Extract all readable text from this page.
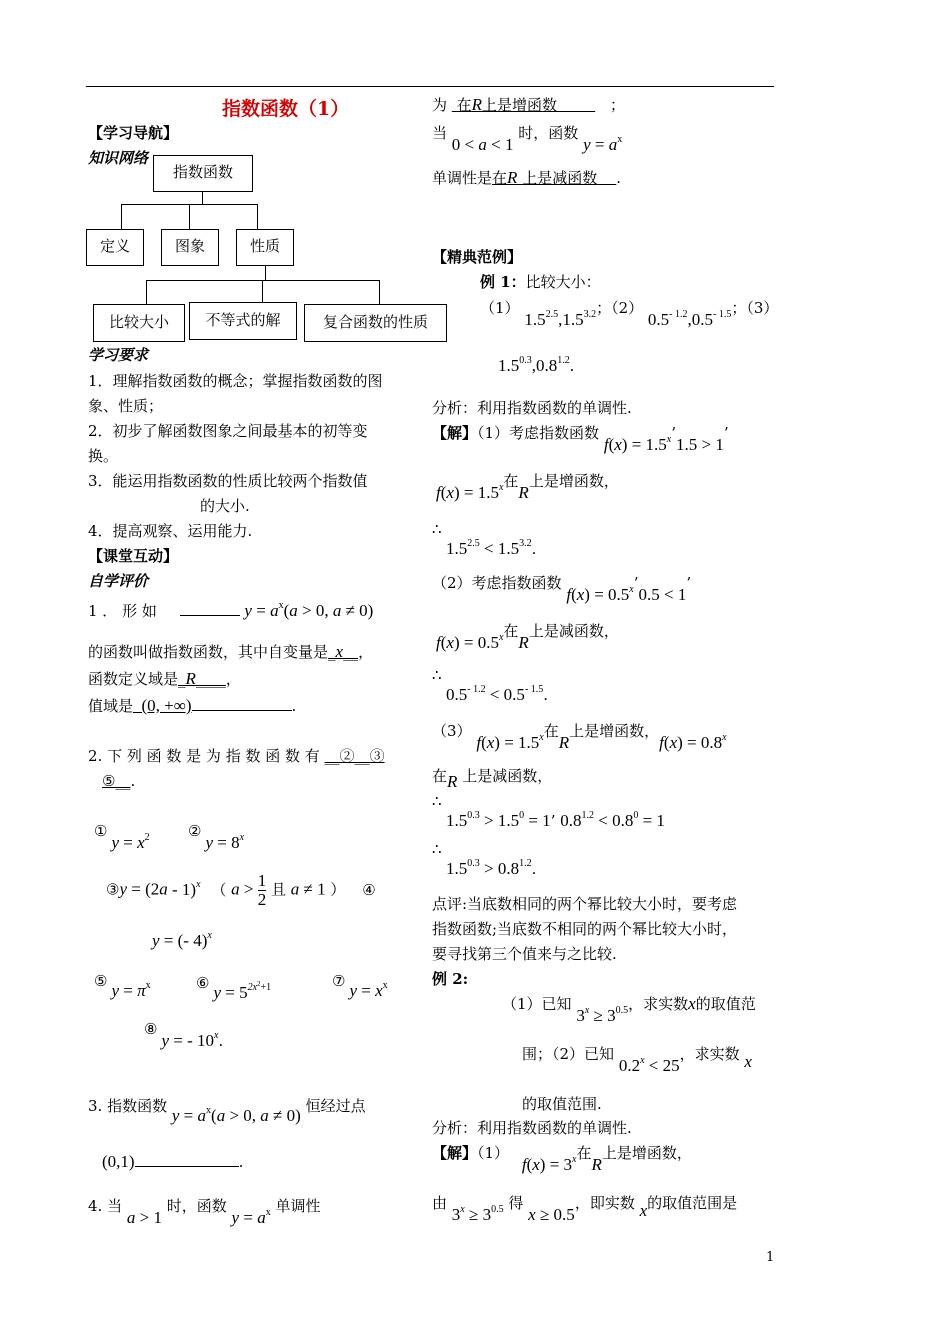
指数函数（1）
【学习导航】
知识网络
指数函数
定义	图象	性质
比较大小	不等式的解	复合函数的性质
学习要求
1．理解指数函数的概念；掌握指数函数的图
象、性质；
2．初步了解函数图象之间最基本的初等变
换。
3．能运用指数函数的性质比较两个指数值
的大小.
4．提高观察、运用能力.
【课堂互动】
自学评价
1 ． 形 如	$y = a^x(a > 0$, a ≠ 0)
的函数叫做指数函数，其中自变量是_x__，
函数定义域是_R____，
值域是_(0, +∞)	.
2. 下 列 函 数 是 为 指 数 函 数 有 __②__③
⑤__.
①y = $x^2$	②y = $8^x$
③y = (2a - 1)$^x$ （ $a > \frac{1}{2}$ 且 a ≠ 1 ） ④
y = (- 4)$^x$
⑤ $y = \pi^x$	⑥ $y = 5^{2x^2+1}$	⑦ $y = x^x$
⑧y = - 10$^x$.
3. 指数函数 $y = a^x(a > 0$, a ≠ 0) 恒经过点
(0,1)	.
4. 当 a > 1 时，函数 $y = a^x$ 单调性
为 在R上是增函数	；
当 0 < a < 1 时，函数 $y = a^x$
单调性是在R 上是减函数 .
【精典范例】
例 1：比较大小：
（1） $1.5^{2.5},1.5^{3.2}$；（2） $0.5^{- 1.2},0.5^{- 1.5}$；（3）
$1.5^{0.3},0.8^{1.2}$.
分析：利用指数函数的单调性.
【解】（1）考虑指数函数 $f(x) = 1.5^x’1.5 > 1$’
$f(x) = 1.5^x$在R上是增函数，
∴
$1.5^{2.5} < 1.5^{3.2}$.
（2）考虑指数函数 $f(x) = 0.5^x’0.5 < 1$’
$f(x) = 0.5^x$在R上是减函数，
∴
$0.5^{- 1.2} < 0.5^{- 1.5}$.
（3） $f(x) = 1.5^x$在R上是增函数，$f(x) = 0.8^x$
在R 上是减函数，
∴
$1.5^{0.3} > 1.5^0 = 1$’ $0.8^{1.2} < 0.8^0 = 1$
∴
$1.5^{0.3} > 0.8^{1.2}$.
点评:当底数相同的两个幂比较大小时，要考虑
指数函数;当底数不相同的两个幂比较大小时，
要寻找第三个值来与之比较.
例 2:
（1）已知 $3^x \ge 3^{0.5}$，求实数x的取值范
围；（2）已知 $0.2^x < 25$，求实数 x
的取值范围.
分析：利用指数函数的单调性.
【解】（1） $f(x) = 3^x$在R上是增函数，
由 $3^x \ge 3^{0.5}$ 得 x ≥ 0.5，即实数 x的取值范围是
1
